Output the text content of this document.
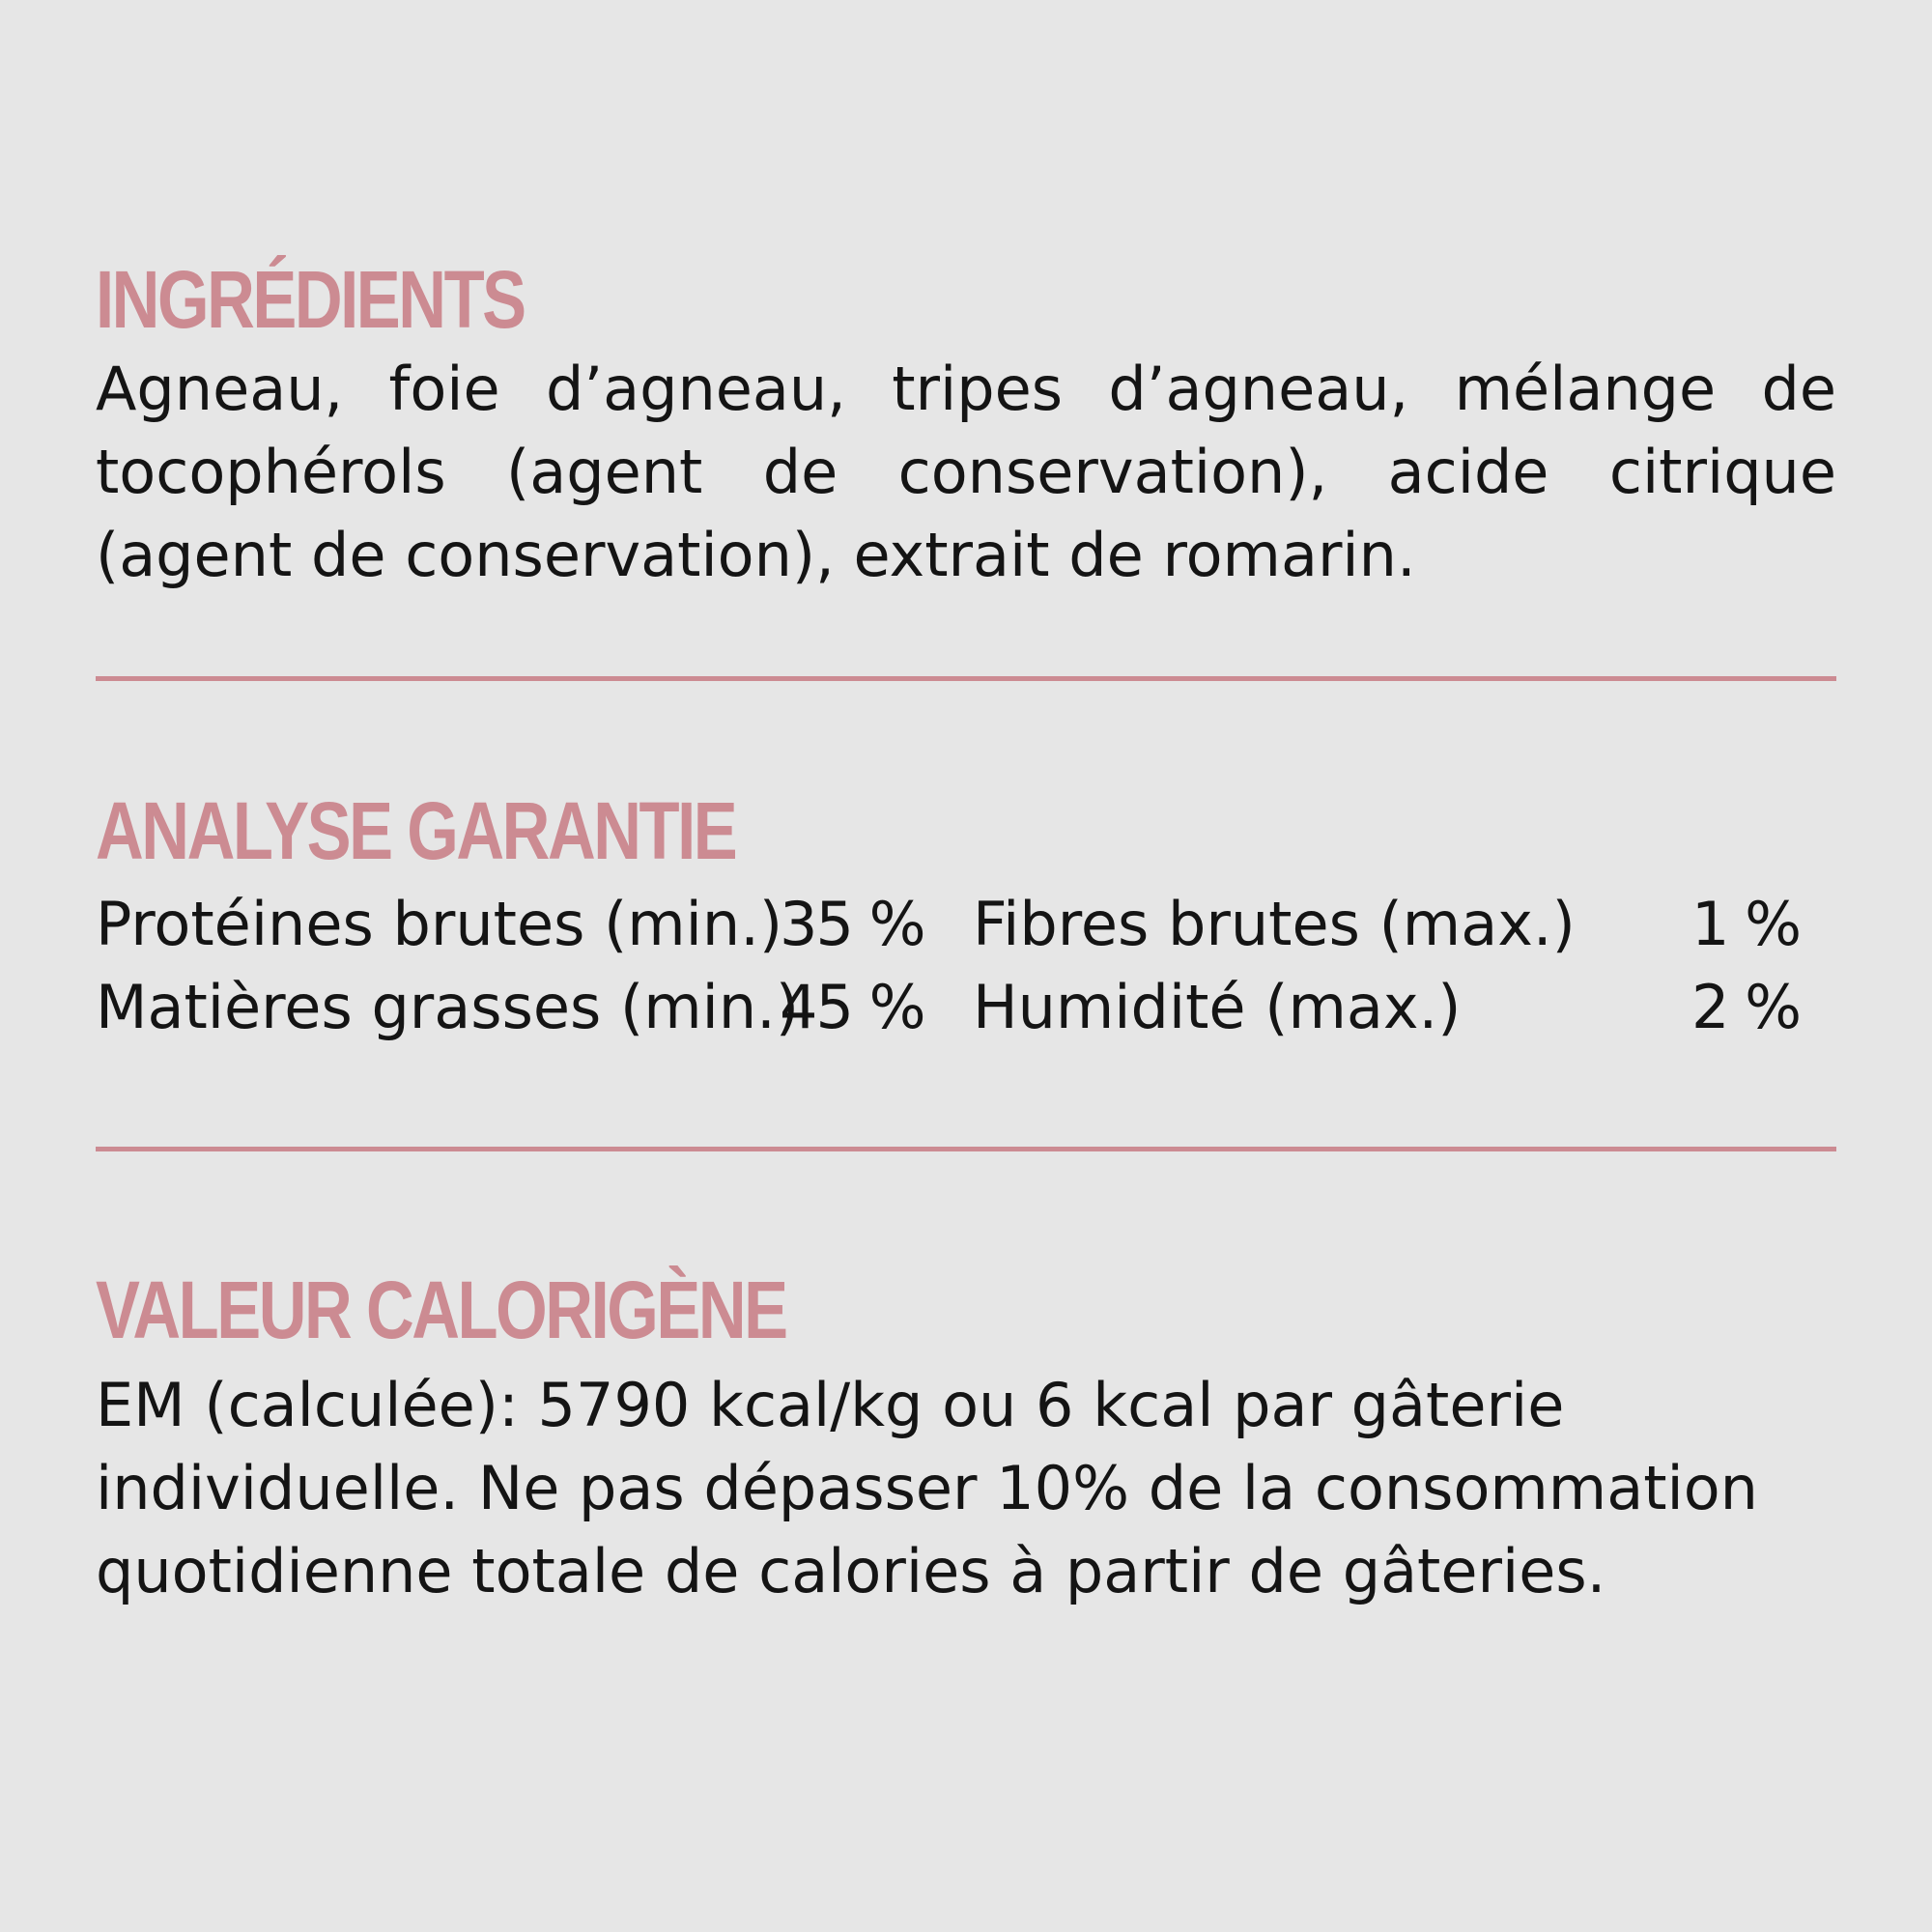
INGRÉDIENTS

Agneau, foie d’agneau, tripes d’agneau, mélange de tocophérols (agent de conservation), acide citrique (agent de conservation), extrait de romarin.

ANALYSE GARANTIE
Protéines brutes (min.)
35 %
Matières grasses (min.)
45 %
Fibres brutes (max.) 1 %
Humidité (max.)	2 %
VALEUR CALORIGÈNE

EM (calculée): 5790 kcal/kg ou 6 kcal par gâterie individuelle. Ne pas dépasser 10% de la consommation quotidienne totale de calories à partir de gâteries.
